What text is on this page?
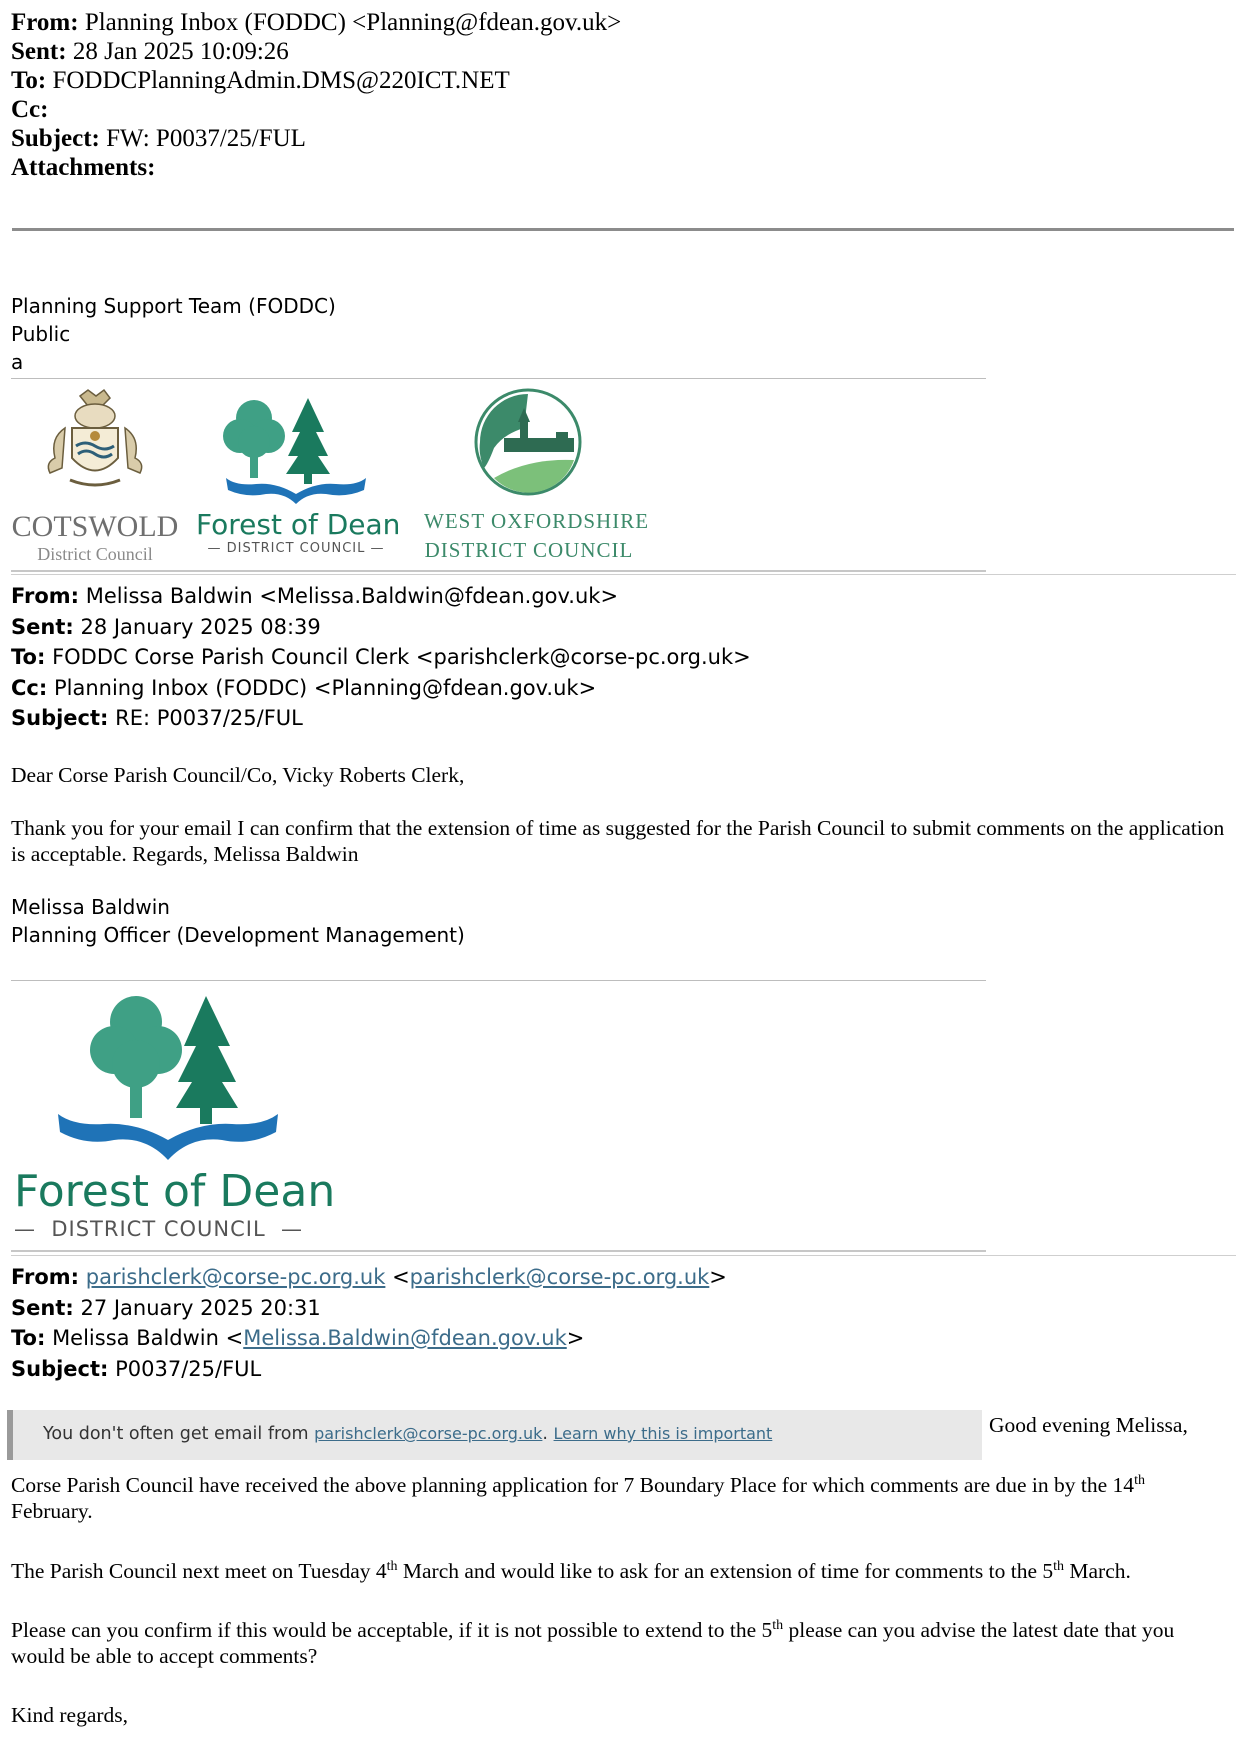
From: Planning Inbox (FODDC) <Planning@fdean.gov.uk>
Sent: 28 Jan 2025 10:09:26
To: FODDCPlanningAdmin.DMS@220ICT.NET
Cc:
Subject: FW: P0037/25/FUL
Attachments:
Planning Support Team (FODDC)
Public
a
COTSWOLD
District Council
Forest of Dean
— DISTRICT COUNCIL —
WEST OXFORDSHIRE
DISTRICT COUNCIL
From: Melissa Baldwin <Melissa.Baldwin@fdean.gov.uk>
Sent: 28 January 2025 08:39
To: FODDC Corse Parish Council Clerk <parishclerk@corse-pc.org.uk>
Cc: Planning Inbox (FODDC) <Planning@fdean.gov.uk>
Subject: RE: P0037/25/FUL
Dear Corse Parish Council/Co, Vicky Roberts Clerk,
Thank you for your email I can confirm that the extension of time as suggested for the Parish Council to submit comments on the application is acceptable. Regards, Melissa Baldwin
Melissa Baldwin
Planning Officer (Development Management)
Forest of Dean
—  DISTRICT COUNCIL  —
From: parishclerk@corse-pc.org.uk <parishclerk@corse-pc.org.uk>
Sent: 27 January 2025 20:31
To: Melissa Baldwin <Melissa.Baldwin@fdean.gov.uk>
Subject: P0037/25/FUL
You don't often get email from parishclerk@corse-pc.org.uk. Learn why this is important	Good evening Melissa,

Corse Parish Council have received the above planning application for 7 Boundary Place for which comments are due in by the 14th February.

The Parish Council next meet on Tuesday 4th March and would like to ask for an extension of time for comments to the 5th March.

Please can you confirm if this would be acceptable, if it is not possible to extend to the 5th please can you advise the latest date that you would be able to accept comments?

Kind regards,
